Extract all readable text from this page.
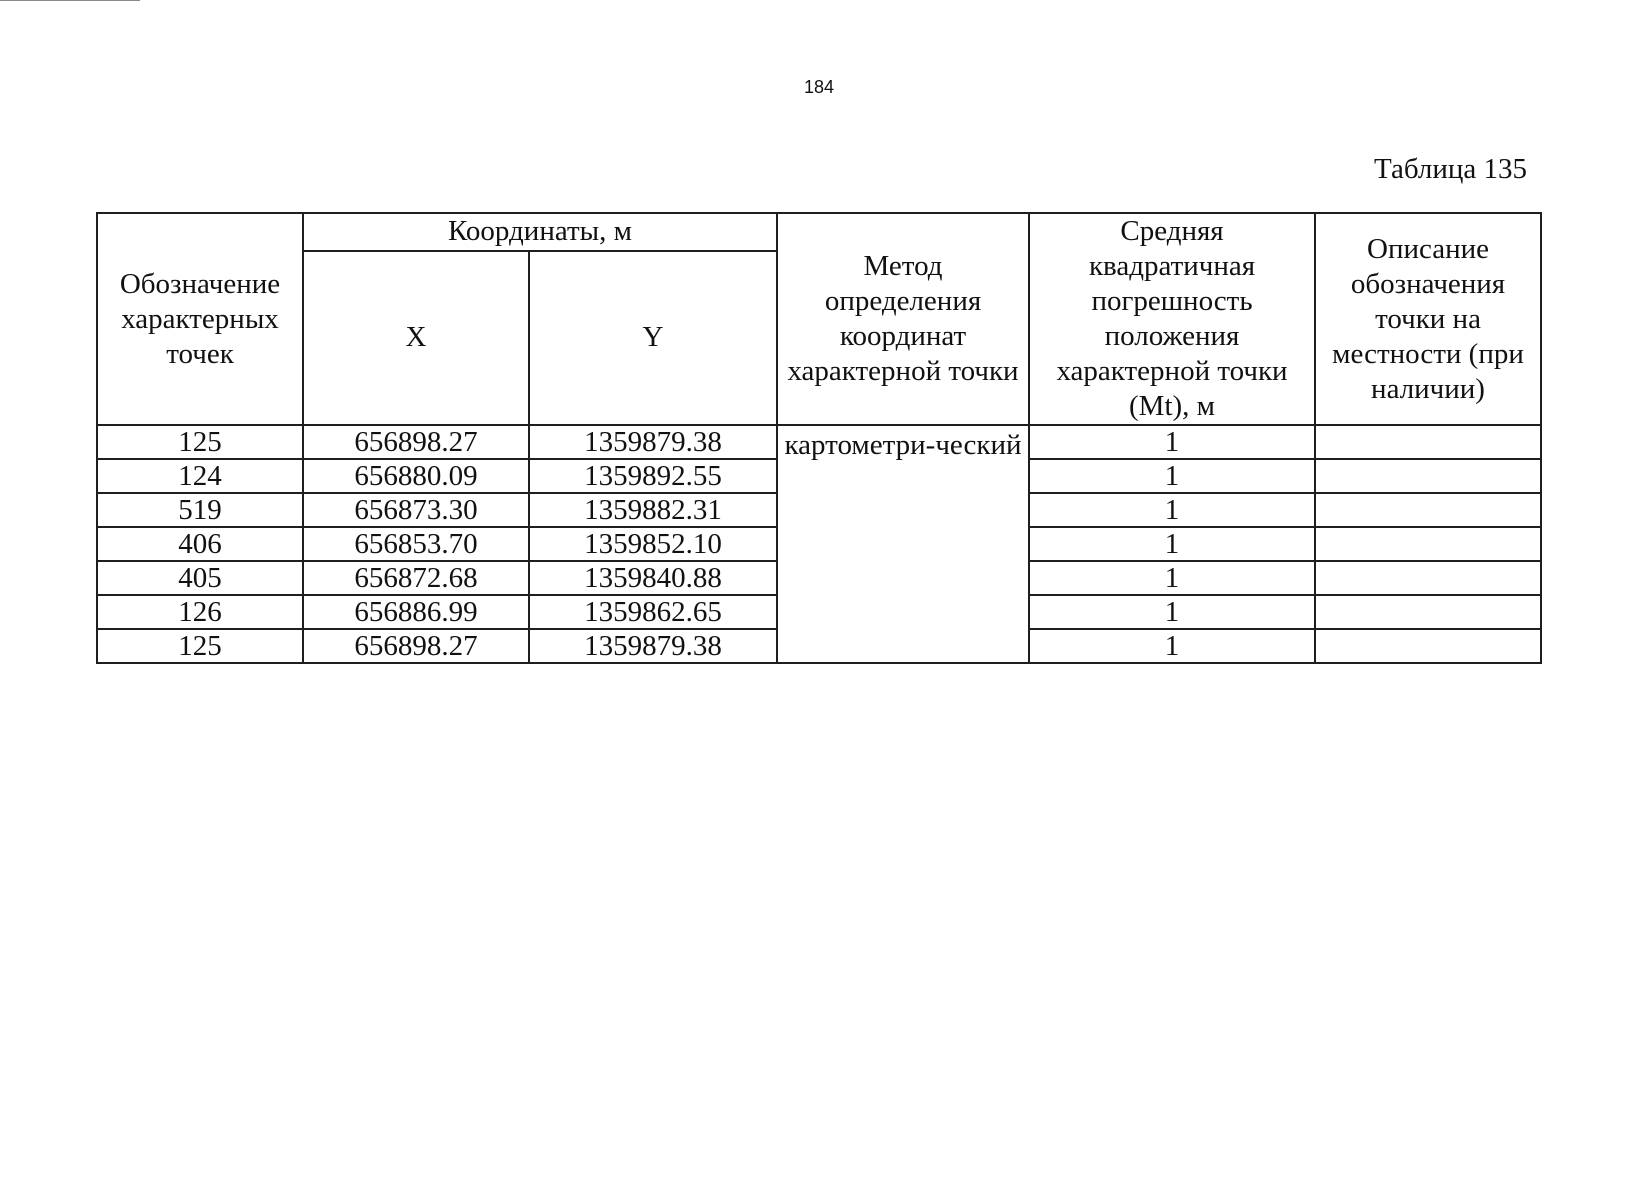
184
Таблица 135
Обозначение характерных точек	Координаты, м		Метод определения координат характерной точки	Средняя квадратичная погрешность положения характерной точки (Mt), м	Описание обозначения точки на местности (при наличии)
	X	Y			
125	656898.27	1359879.38	картометри-ческий	1	
124	656880.09	1359892.55		1	
519	656873.30	1359882.31		1	
406	656853.70	1359852.10		1	
405	656872.68	1359840.88		1	
126	656886.99	1359862.65		1	
125	656898.27	1359879.38		1	
